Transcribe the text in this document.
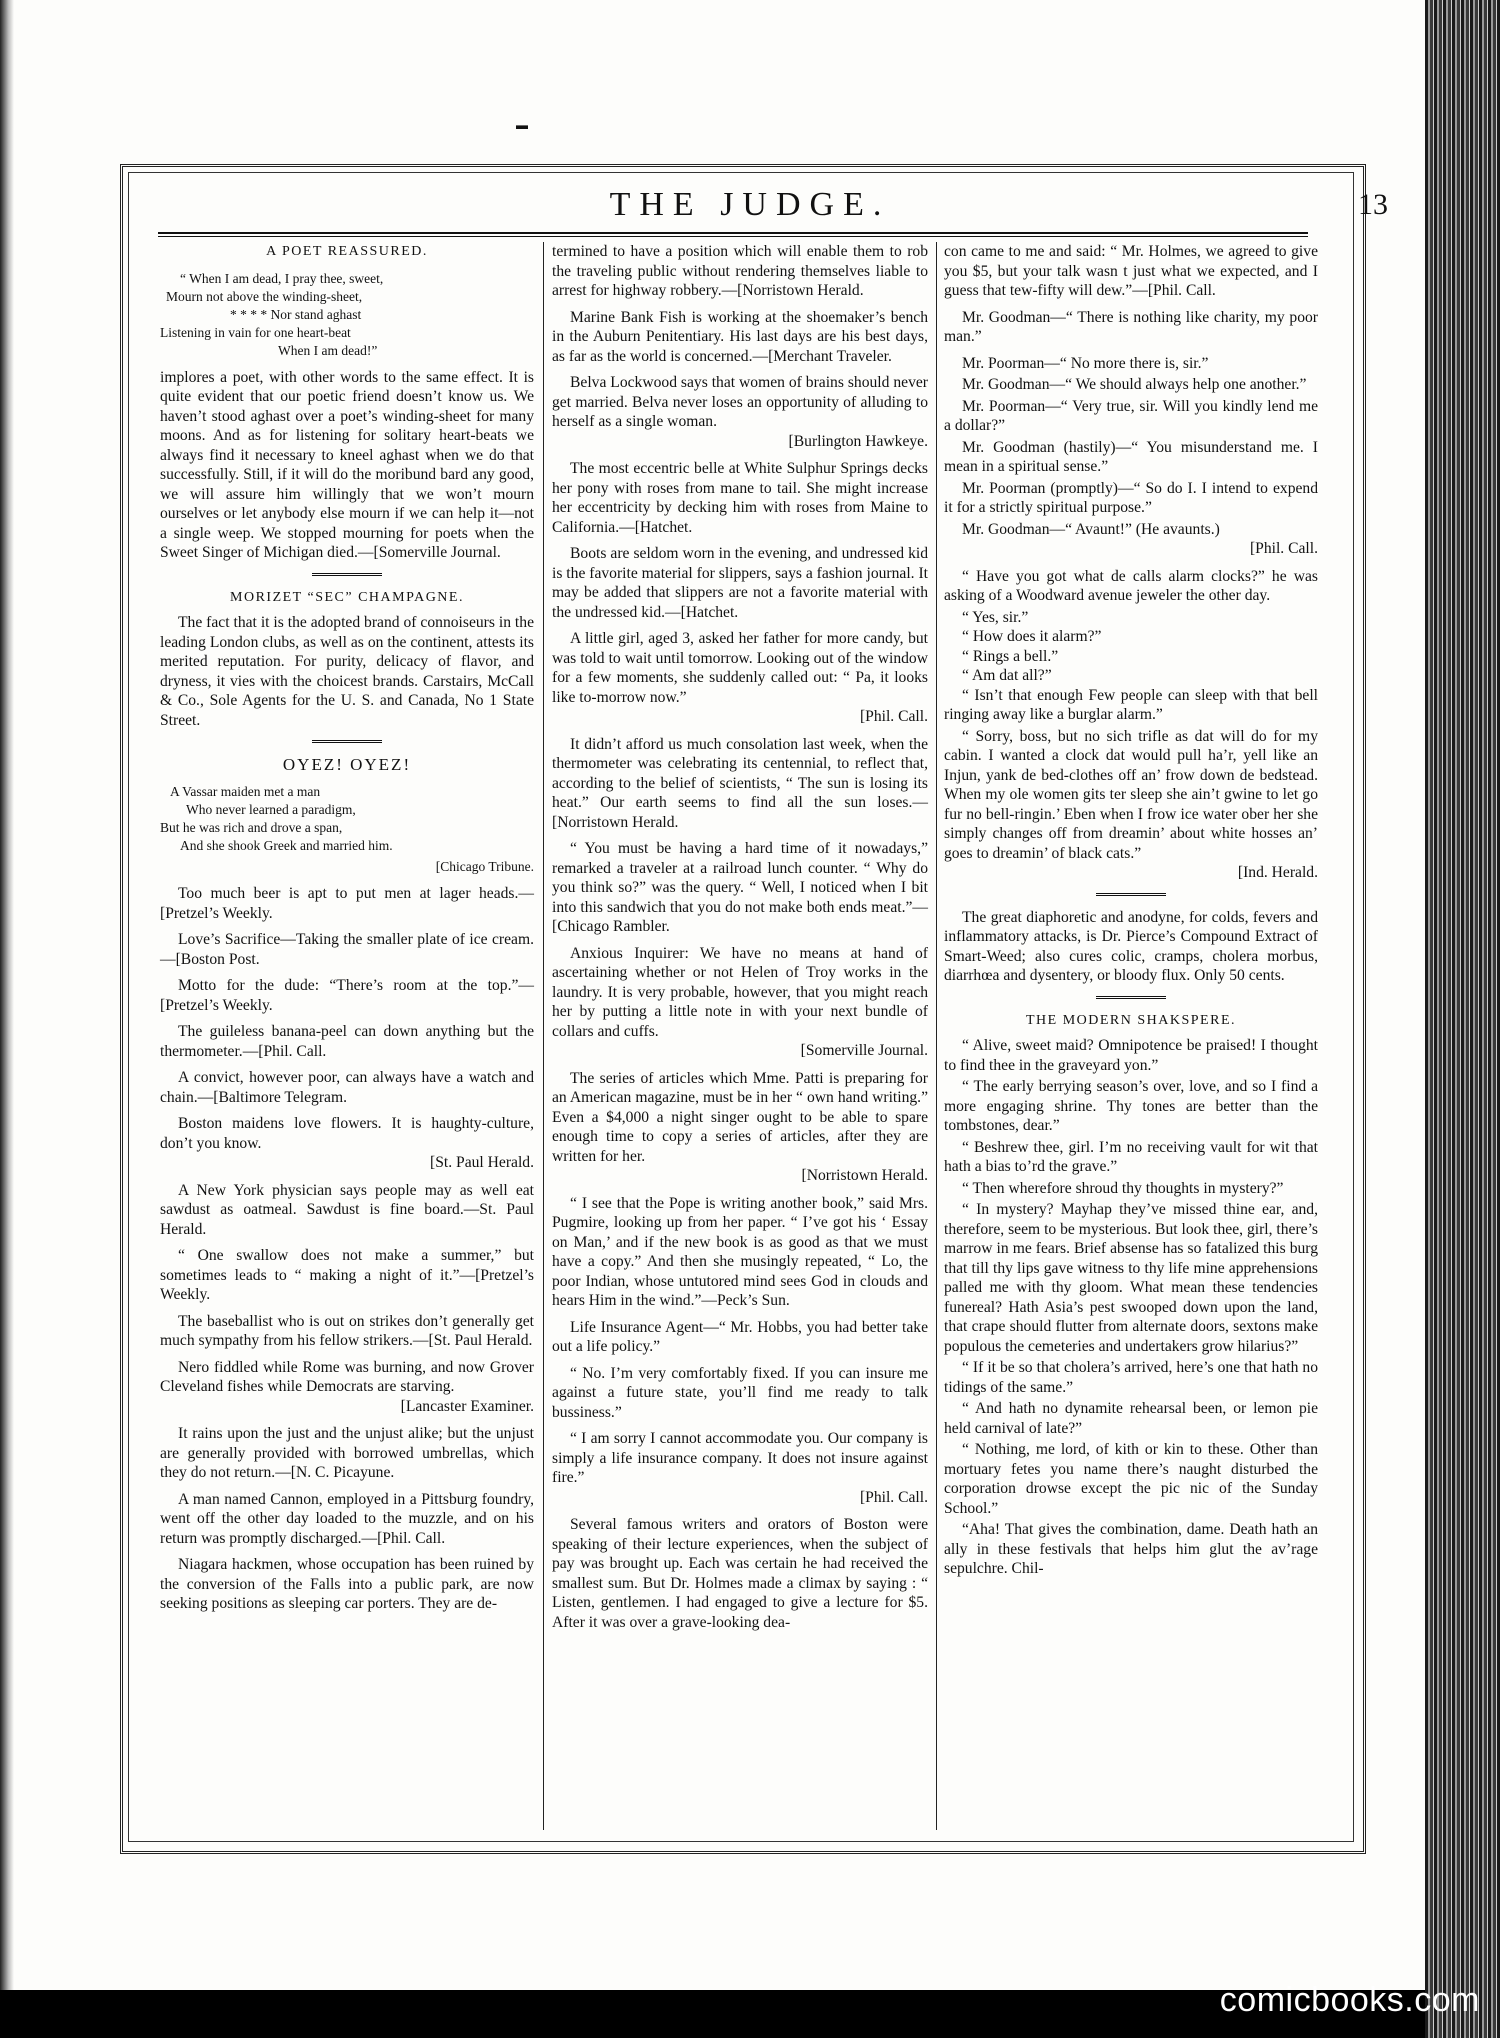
▬
THE JUDGE.	13

A POET REASSURED.

“ When I am dead, I pray thee, sweet,
Mourn not above the winding-sheet,
* * * * Nor stand aghast
Listening in vain for one heart-beat
When I am dead!”

implores a poet, with other words to the same effect. It is quite evident that our poetic friend doesn’t know us. We haven’t stood aghast over a poet’s winding-sheet for many moons. And as for listening for solitary heart-beats we always find it necessary to kneel aghast when we do that successfully. Still, if it will do the moribund bard any good, we will assure him willingly that we won’t mourn ourselves or let anybody else mourn if we can help it—not a single weep. We stopped mourning for poets when the Sweet Singer of Michigan died.—[Somerville Journal.

MORIZET “SEC” CHAMPAGNE.

The fact that it is the adopted brand of connoiseurs in the leading London clubs, as well as on the continent, attests its merited reputation. For purity, delicacy of flavor, and dryness, it vies with the choicest brands. Carstairs, McCall & Co., Sole Agents for the U. S. and Canada, No 1 State Street.

OYEZ! OYEZ!

A Vassar maiden met a man
Who never learned a paradigm,
But he was rich and drove a span,
And she shook Greek and married him.

[Chicago Tribune.

Too much beer is apt to put men at lager heads.—[Pretzel’s Weekly.

Love’s Sacrifice—Taking the smaller plate of ice cream.—[Boston Post.

Motto for the dude: “There’s room at the top.”—[Pretzel’s Weekly.

The guileless banana-peel can down anything but the thermometer.—[Phil. Call.

A convict, however poor, can always have a watch and chain.—[Baltimore Telegram.

Boston maidens love flowers. It is haughty-culture, don’t you know.

[St. Paul Herald.

A New York physician says people may as well eat sawdust as oatmeal. Sawdust is fine board.—St. Paul Herald.

“ One swallow does not make a summer,” but sometimes leads to “ making a night of it.”—[Pretzel’s Weekly.

The baseballist who is out on strikes don’t generally get much sympathy from his fellow strikers.—[St. Paul Herald.

Nero fiddled while Rome was burning, and now Grover Cleveland fishes while Democrats are starving.

[Lancaster Examiner.

It rains upon the just and the unjust alike; but the unjust are generally provided with borrowed umbrellas, which they do not return.—[N. C. Picayune.

A man named Cannon, employed in a Pittsburg foundry, went off the other day loaded to the muzzle, and on his return was promptly discharged.—[Phil. Call.

Niagara hackmen, whose occupation has been ruined by the conversion of the Falls into a public park, are now seeking positions as sleeping car porters. They are de-

termined to have a position which will enable them to rob the traveling public without rendering themselves liable to arrest for highway robbery.—[Norristown Herald.

Marine Bank Fish is working at the shoemaker’s bench in the Auburn Penitentiary. His last days are his best days, as far as the world is concerned.—[Merchant Traveler.

Belva Lockwood says that women of brains should never get married. Belva never loses an opportunity of alluding to herself as a single woman.

[Burlington Hawkeye.

The most eccentric belle at White Sulphur Springs decks her pony with roses from mane to tail. She might increase her eccentricity by decking him with roses from Maine to California.—[Hatchet.

Boots are seldom worn in the evening, and undressed kid is the favorite material for slippers, says a fashion journal. It may be added that slippers are not a favorite material with the undressed kid.—[Hatchet.

A little girl, aged 3, asked her father for more candy, but was told to wait until tomorrow. Looking out of the window for a few moments, she suddenly called out: “ Pa, it looks like to-morrow now.”

[Phil. Call.

It didn’t afford us much consolation last week, when the thermometer was celebrating its centennial, to reflect that, according to the belief of scientists, “ The sun is losing its heat.” Our earth seems to find all the sun loses.—[Norristown Herald.

“ You must be having a hard time of it nowadays,” remarked a traveler at a railroad lunch counter. “ Why do you think so?” was the query. “ Well, I noticed when I bit into this sandwich that you do not make both ends meat.”—[Chicago Rambler.

Anxious Inquirer: We have no means at hand of ascertaining whether or not Helen of Troy works in the laundry. It is very probable, however, that you might reach her by putting a little note in with your next bundle of collars and cuffs.

[Somerville Journal.

The series of articles which Mme. Patti is preparing for an American magazine, must be in her “ own hand writing.” Even a $4,000 a night singer ought to be able to spare enough time to copy a series of articles, after they are written for her.

[Norristown Herald.

“ I see that the Pope is writing another book,” said Mrs. Pugmire, looking up from her paper. “ I’ve got his ‘ Essay on Man,’ and if the new book is as good as that we must have a copy.” And then she musingly repeated, “ Lo, the poor Indian, whose untutored mind sees God in clouds and hears Him in the wind.”—Peck’s Sun.

Life Insurance Agent—“ Mr. Hobbs, you had better take out a life policy.”

“ No. I’m very comfortably fixed. If you can insure me against a future state, you’ll find me ready to talk bussiness.”

“ I am sorry I cannot accommodate you. Our company is simply a life insurance company. It does not insure against fire.”

[Phil. Call.

Several famous writers and orators of Boston were speaking of their lecture experiences, when the subject of pay was brought up. Each was certain he had received the smallest sum. But Dr. Holmes made a climax by saying : “ Listen, gentlemen. I had engaged to give a lecture for $5. After it was over a grave-looking dea-

con came to me and said: “ Mr. Holmes, we agreed to give you $5, but your talk wasn t just what we expected, and I guess that tew-fifty will dew.”—[Phil. Call.

Mr. Goodman—“ There is nothing like charity, my poor man.”

Mr. Poorman—“ No more there is, sir.”

Mr. Goodman—“ We should always help one another.”

Mr. Poorman—“ Very true, sir. Will you kindly lend me a dollar?”

Mr. Goodman (hastily)—“ You misunderstand me. I mean in a spiritual sense.”

Mr. Poorman (promptly)—“ So do I. I intend to expend it for a strictly spiritual purpose.”

Mr. Goodman—“ Avaunt!” (He avaunts.)

[Phil. Call.

“ Have you got what de calls alarm clocks?” he was asking of a Woodward avenue jeweler the other day.

“ Yes, sir.”

“ How does it alarm?”

“ Rings a bell.”

“ Am dat all?”

“ Isn’t that enough Few people can sleep with that bell ringing away like a burglar alarm.”

“ Sorry, boss, but no sich trifle as dat will do for my cabin. I wanted a clock dat would pull ha’r, yell like an Injun, yank de bed-clothes off an’ frow down de bedstead. When my ole women gits ter sleep she ain’t gwine to let go fur no bell-ringin.’ Eben when I frow ice water ober her she simply changes off from dreamin’ about white hosses an’ goes to dreamin’ of black cats.”

[Ind. Herald.

The great diaphoretic and anodyne, for colds, fevers and inflammatory attacks, is Dr. Pierce’s Compound Extract of Smart-Weed; also cures colic, cramps, cholera morbus, diarrhœa and dysentery, or bloody flux. Only 50 cents.

THE MODERN SHAKSPERE.

“ Alive, sweet maid? Omnipotence be praised! I thought to find thee in the graveyard yon.”

“ The early berrying season’s over, love, and so I find a more engaging shrine. Thy tones are better than the tombstones, dear.”

“ Beshrew thee, girl. I’m no receiving vault for wit that hath a bias to’rd the grave.”

“ Then wherefore shroud thy thoughts in mystery?”

“ In mystery? Mayhap they’ve missed thine ear, and, therefore, seem to be mysterious. But look thee, girl, there’s marrow in me fears. Brief absense has so fatalized this burg that till thy lips gave witness to thy life mine apprehensions palled me with thy gloom. What mean these tendencies funereal? Hath Asia’s pest swooped down upon the land, that crape should flutter from alternate doors, sextons make populous the cemeteries and undertakers grow hilarius?”

“ If it be so that cholera’s arrived, here’s one that hath no tidings of the same.”

“ And hath no dynamite rehearsal been, or lemon pie held carnival of late?”

“ Nothing, me lord, of kith or kin to these. Other than mortuary fetes you name there’s naught disturbed the corporation drowse except the pic nic of the Sunday School.”

“Aha! That gives the combination, dame. Death hath an ally in these festivals that helps him glut the av’rage sepulchre. Chil-

comicbooks.com
